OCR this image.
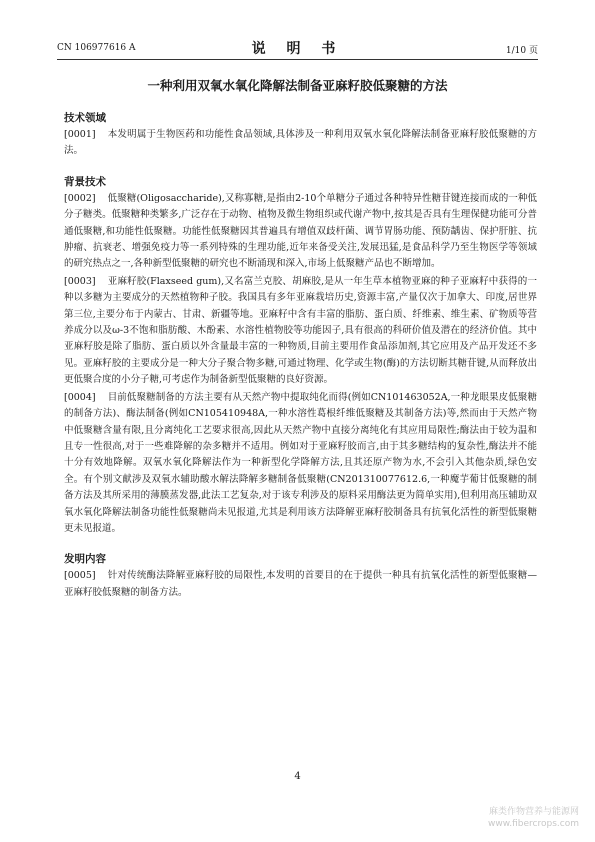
CN 106977616 A	说 明 书	1/10 页
一种利用双氧水氧化降解法制备亚麻籽胶低聚糖的方法
技术领域

[0001] 本发明属于生物医药和功能性食品领域,具体涉及一种利用双氧水氧化降解法制备亚麻籽胶低聚糖的方法。

背景技术

[0002] 低聚糖(Oligosaccharide),又称寡糖,是指由2-10个单糖分子通过各种特异性糖苷键连接而成的一种低分子糖类。低聚糖种类繁多,广泛存在于动物、植物及微生物组织或代谢产物中,按其是否具有生理保健功能可分普通低聚糖,和功能性低聚糖。功能性低聚糖因其普遍具有增值双歧杆菌、调节胃肠功能、预防龋齿、保护肝脏、抗肿瘤、抗衰老、增强免疫力等一系列特殊的生理功能,近年来备受关注,发展迅猛,是食品科学乃至生物医学等领域的研究热点之一,各种新型低聚糖的研究也不断涌现和深入,市场上低聚糖产品也不断增加。

[0003] 亚麻籽胶(Flaxseed gum),又名富兰克胶、胡麻胶,是从一年生草本植物亚麻的种子亚麻籽中获得的一种以多糖为主要成分的天然植物种子胶。我国具有多年亚麻栽培历史,资源丰富,产量仅次于加拿大、印度,居世界第三位,主要分布于内蒙古、甘肃、新疆等地。亚麻籽中含有丰富的脂肪、蛋白质、纤维素、维生素、矿物质等营养成分以及ω-3不饱和脂肪酸、木酚素、水溶性植物胶等功能因子,具有很高的科研价值及潜在的经济价值。其中亚麻籽胶是除了脂肪、蛋白质以外含量最丰富的一种物质,目前主要用作食品添加剂,其它应用及产品开发还不多见。亚麻籽胶的主要成分是一种大分子聚合物多糖,可通过物理、化学或生物(酶)的方法切断其糖苷键,从而释放出更低聚合度的小分子糖,可考虑作为制备新型低聚糖的良好资源。

[0004] 目前低聚糖制备的方法主要有从天然产物中提取纯化而得(例如CN101463052A,一种龙眼果皮低聚糖的制备方法)、酶法制备(例如CN105410948A,一种水溶性葛根纤维低聚糖及其制备方法)等,然而由于天然产物中低聚糖含量有限,且分离纯化工艺要求很高,因此从天然产物中直接分离纯化有其应用局限性;酶法由于较为温和且专一性很高,对于一些难降解的杂多糖并不适用。例如对于亚麻籽胶而言,由于其多糖结构的复杂性,酶法并不能十分有效地降解。双氧水氧化降解法作为一种新型化学降解方法,且其还原产物为水,不会引入其他杂质,绿色安全。有个别文献涉及双氧水辅助酸水解法降解多糖制备低聚糖(CN201310077612.6,一种魔芋葡甘低聚糖的制备方法及其所采用的薄膜蒸发器,此法工艺复杂,对于该专利涉及的原料采用酶法更为简单实用),但利用高压辅助双氧水氧化降解法制备功能性低聚糖尚未见报道,尤其是利用该方法降解亚麻籽胶制备具有抗氧化活性的新型低聚糖更未见报道。

发明内容

[0005] 针对传统酶法降解亚麻籽胶的局限性,本发明的首要目的在于提供一种具有抗氧化活性的新型低聚糖—亚麻籽胶低聚糖的制备方法。

4
麻类作物营养与能源网
www.fibercrops.com
